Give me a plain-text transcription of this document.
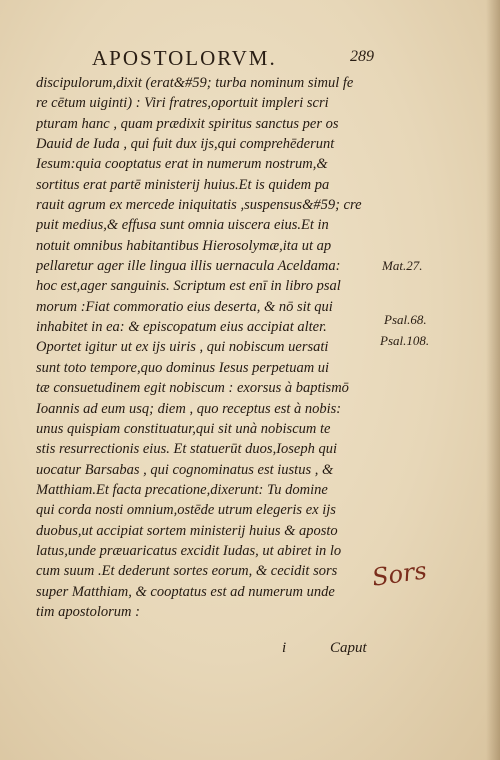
APOSTOLORVM.	289
discipulorum,dixit (erat&#59; turba nominum simul fe
re cētum uiginti) : Viri fratres,oportuit impleri scri
pturam hanc , quam prædixit spiritus sanctus per os
Dauid de Iuda , qui fuit dux ijs,qui comprehēderunt
Iesum:quia cooptatus erat in numerum nostrum,&
sortitus erat partē ministerij huius.Et is quidem pa
rauit agrum ex mercede iniquitatis ,suspensus&#59; cre
puit medius,& effusa sunt omnia uiscera eius.Et in
notuit omnibus habitantibus Hierosolymæ,ita ut ap
pellaretur ager ille lingua illis uernacula Aceldama:
hoc est,ager sanguinis. Scriptum est enī in libro psal
morum :Fiat commoratio eius deserta, & nō sit qui
inhabitet in ea: & episcopatum eius accipiat alter.
Oportet igitur ut ex ijs uiris , qui nobiscum uersati
sunt toto tempore,quo dominus Iesus perpetuam ui
tæ consuetudinem egit nobiscum : exorsus à baptismō
Ioannis ad eum usq; diem , quo receptus est à nobis:
unus quispiam constituatur,qui sit unà nobiscum te
stis resurrectionis eius. Et statuerūt duos,Ioseph qui
uocatur Barsabas , qui cognominatus est iustus , &
Matthiam.Et facta precatione,dixerunt: Tu domine
qui corda nosti omnium,ostēde utrum elegeris ex ijs
duobus,ut accipiat sortem ministerij huius & aposto
latus,unde præuaricatus excidit Iudas, ut abiret in lo
cum suum .Et dederunt sortes eorum, & cecidit sors
super Matthiam, & cooptatus est ad numerum unde
tim apostolorum :
Mat.27.
Psal.68.
Psal.108.
Sors
i	Caput
